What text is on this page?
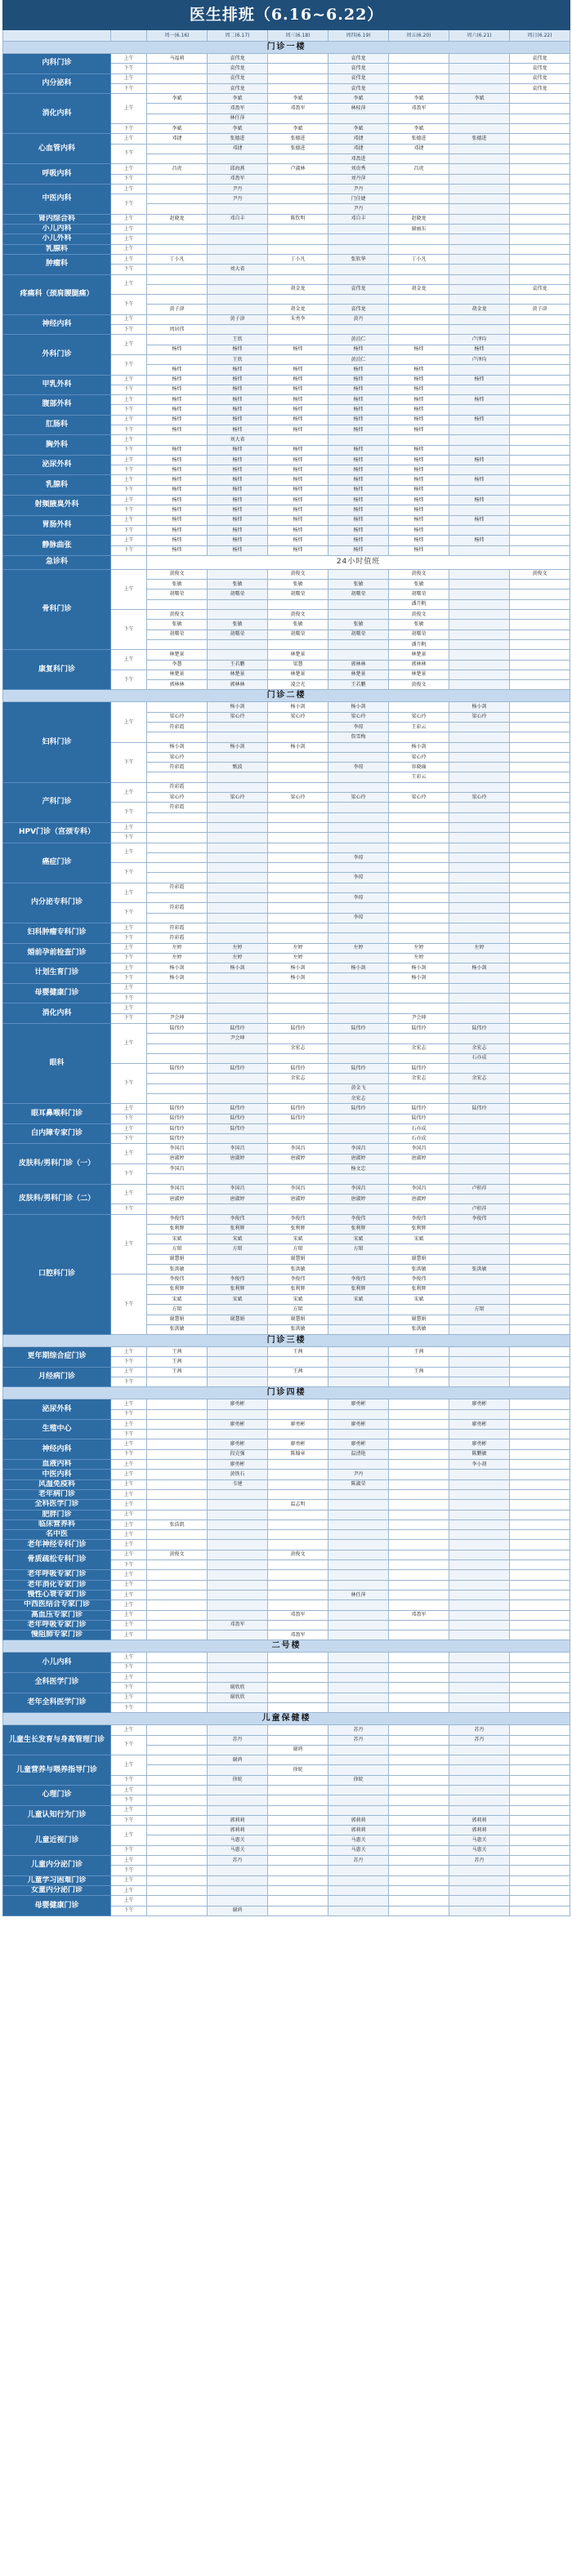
医生排班（6.16~6.22）								
		周一(6.16)	周二(6.17)	周三(6.18)	周四(6.19)	周五(6.20)	周六(6.21)	周日(6.22)
门诊一楼								
内科门诊	上午	马福莉	袁伟龙		袁伟龙			袁伟龙
	下午		袁伟龙		袁伟龙			袁伟龙
内分泌科	上午		袁伟龙		袁伟龙			袁伟龙
	下午		袁伟龙		袁伟龙			袁伟龙
消化内科	上午	李斌	李斌	李斌	李斌	李斌	李斌	
			邓盈军	邓盈军	林桂萍	邓盈军		
			林任萍					
	下午	李斌	李斌	李斌	李斌	李斌		
心血管内科	上午	邓捷	张德进	张德进	邓捷	张德进	张德进	
	下午		邓捷	张德进	邓捷	邓捷		
					邓盈进			
呼吸内科	上午	昌虎	邱海燕	卢淑林	刘贵秀	昌虎		
	下午		邓盈军		刘丹萍			
中医内科	上午		尹丹		尹丹			
	下午		尹丹		门佳婕			
					尹丹			
肾内综合科	上午	赵晓龙	邓自丰	陈钦明	邓自丰	赵晓龙		
小儿内科	上午					谢丽东		
小儿外科	上午							
乳腺科	上午							
肿瘤科	上午	丁小凡		丁小凡	张软华	丁小凡		
	下午		刘大省					
疼痛科（颈肩腰腿痛）	上午							
				胡金龙	袁伟龙	胡金龙		袁伟龙
	下午							
		黄子津		胡金龙	袁伟龙		胡金龙	黄子津
神经内科	上午		黄子津	朱勇李	黄丹			
	下午	周居伟						
外科门诊	上午		王欣		黄泊仁		卢泽均	
		杨炜	杨炜	杨炜	杨炜	杨炜	杨炜	
	下午		王欣		黄泊仁		卢泽均	
		杨炜	杨炜	杨炜	杨炜	杨炜		
甲乳外科	上午	杨炜	杨炜	杨炜	杨炜	杨炜	杨炜	
	下午	杨炜	杨炜	杨炜	杨炜	杨炜		
腹部外科	上午	杨炜	杨炜	杨炜	杨炜	杨炜	杨炜	
	下午	杨炜	杨炜	杨炜	杨炜	杨炜		
肛肠科	上午	杨炜	杨炜	杨炜	杨炜	杨炜	杨炜	
	下午	杨炜	杨炜	杨炜	杨炜	杨炜		
胸外科	上午		刘大省					
	下午	杨炜	杨炜	杨炜	杨炜	杨炜		
泌尿外科	上午	杨炜	杨炜	杨炜	杨炜	杨炜	杨炜	
	下午	杨炜	杨炜	杨炜	杨炜	杨炜		
乳腺科	上午	杨炜	杨炜	杨炜	杨炜	杨炜	杨炜	
	下午	杨炜	杨炜	杨炜	杨炜	杨炜		
射频腋臭外科	上午	杨炜	杨炜	杨炜	杨炜	杨炜	杨炜	
	下午	杨炜	杨炜	杨炜	杨炜	杨炜		
胃肠外科	上午	杨炜	杨炜	杨炜	杨炜	杨炜	杨炜	
	下午	杨炜	杨炜	杨炜	杨炜	杨炜		
静脉曲张	上午	杨炜	杨炜	杨炜	杨炜	杨炜	杨炜	
	下午	杨炜	杨炜	杨炜	杨炜	杨炜		
急诊科		24小时值班						
骨科门诊	上午	黄俊文		黄俊文		黄俊文		黄俊文
		张敏	张敏	张敏	张敏	张敏		
		胡曙荣	胡曙荣	胡曙荣	胡曙荣	胡曙荣		
						潘月帆		
	下午	黄俊文		黄俊文		黄俊文		
		张敏	张敏	张敏	张敏	张敏		
		胡曙荣	胡曙荣	胡曙荣	胡曙荣	胡曙荣		
						潘月帆		
康复科门诊	上午	林楚景		林楚景		林楚景		
		李慧	王若鹏	梁慧	郭林林	郭林林		
	下午	林楚景	林楚景	林楚景	林楚景	林楚景		
		郭林林	郭林林	凌会光	王若鹏	黄俊文		
门诊二楼								
妇科门诊	上午		杨小剑	杨小剑	杨小剑		杨小剑	
		梁心玲	梁心玲	梁心玲	梁心玲	梁心玲	梁心玲	
		符彩霞			李琼	王彩云		
					詹雪梅			
	下午	杨小剑	杨小剑	杨小剑		杨小剑		
		梁心玲				梁心玲		
		符彩霞	甄波		李琼	容晓瑜		
						王彩云		
产科门诊	上午	符彩霞						
		梁心玲	梁心玲	梁心玲	梁心玲	梁心玲	梁心玲	
	下午	符彩霞						

HPV门诊（宫颈专科）	上午							
	下午							
癌症门诊	上午							
					李琼			
	下午							
					李琼			
内分泌专科门诊	上午	符彩霞						
					李琼			
	下午	符彩霞						
					李琼			
妇科肿瘤专科门诊	上午	符彩霞						
	下午	符彩霞						
婚前孕前检查门诊	上午	左婷	左婷	左婷	左婷	左婷	左婷	
	下午	左婷	左婷	左婷		左婷		
计划生育门诊	上午	杨小剑	杨小剑	杨小剑	杨小剑	杨小剑	杨小剑	
	下午	杨小剑		杨小剑		杨小剑		
母婴健康门诊	上午							
	下午							
消化内科	上午							
	下午	尹会坤				尹会坤		
眼科	上午	陆伟玲	陆伟玲	陆伟玲	陆伟玲	陆伟玲	陆伟玲	
			尹会坤					
				余宏志		余宏志	余宏志	
							石亦成	
	下午	陆伟玲	陆伟玲	陆伟玲	陆伟玲	陆伟玲		
				余宏志		余宏志	余宏志	
					黄金飞			
					余宏志			
眼耳鼻喉科门诊	上午	陆伟玲	陆伟玲	陆伟玲	陆伟玲	陆伟玲	陆伟玲	
	下午	陆伟玲	陆伟玲	陆伟玲		陆伟玲		
白内障专家门诊	上午	陆伟玲	陆伟玲			石亦成		
	下午	陆伟玲				石亦成		
皮肤科/男科门诊（一）	上午	李国昌	李国昌	李国昌	李国昌	李国昌		
		唐淑婷	唐淑婷	唐淑婷	唐淑婷	唐淑婷		
	下午	李国昌			杨文忠			

皮肤科/男科门诊（二）	上午	李国昌	李国昌	李国昌	李国昌	李国昌	卢积祥	
		唐淑婷	唐淑婷	唐淑婷	唐淑婷	唐淑婷		
	下午						卢积祥	
口腔科门诊	上午	李俊伟	李俊伟	李俊伟	李俊伟	李俊伟	李俊伟	
		张利辉	张利辉	张利辉	张利辉	张利辉		
		宋斌	宋斌	宋斌	宋斌	宋斌		
		方珺	方珺	方珺	方珺			
		谢慧娟		谢慧娟		谢慧娟		
		张洪敏		张洪敏		张洪敏	张洪敏	
	下午	李俊伟	李俊伟	李俊伟	李俊伟	李俊伟		
		张利辉	张利辉	张利辉	张利辉	张利辉		
		宋斌	宋斌	宋斌	宋斌	宋斌		
		方珺		方珺			方珺	
		谢慧娟	谢慧娟	谢慧娟		谢慧娟		
		张洪敏		张洪敏		张洪敏		
门诊三楼								
更年期综合症门诊	上午	王茜		王茜		王茜		
	下午	王茜						
月经病门诊	上午	王茜		王茜		王茜		
	下午							
门诊四楼								
泌尿外科	上午		廖勇彬		廖勇彬		廖勇彬	
	下午							
生殖中心	上午		廖勇彬	廖勇彬	廖勇彬		廖勇彬	
	下午							
神经内科	上午		廖勇彬	廖勇彬	廖勇彬		廖勇彬	
	下午		段克强	陈翰章	温清艳		陈鹏敏	
血液内科	上午		廖勇彬				李小胡	
中医内科	上午		黄铁石		尹丹			
风湿免疫科	上午		韦建		陈淑荣			
老年病门诊	上午							
全科医学门诊	上午			温志明				
肥胖门诊	上午							
临床营养科	上午	张浩凯						
名中医	上午							
老年神经专科门诊	上午							
骨质疏松专科门诊	上午	黄俊文		黄俊文				
	下午							
老年呼吸专家门诊	上午							
老年消化专家门诊	上午							
慢性心衰专家门诊	上午				林任萍			
中西医结合专家门诊	上午							
高血压专家门诊	上午			邓盈军		邓盈军		
老年呼吸专家门诊	上午		邓盈军					
慢阻肺专家门诊	上午			邓盈军				
二号楼								
小儿内科	上午							
	下午							
全科医学门诊	上午							
	下午		谢欣欣					
老年全科医学门诊	上午		谢欣欣					
	下午							
儿童保健楼								
儿童生长发育与身高管理门诊	上午				苏丹		苏丹	
	下午		苏丹		苏丹		苏丹	
				谢鸿				
儿童营养与喂养指导门诊	上午		谢鸿					
				徐皖				
	下午		徐皖		徐皖			
心理门诊	上午							
	下午							
儿童认知行为门诊	上午							
	下午		郭莉莉		郭莉莉		郭莉莉	
儿童近视门诊	上午		郭莉莉		郭莉莉		郭莉莉	
			马惠关		马惠关		马惠关	
	下午		马惠关		马惠关		马惠关	
儿童内分泌门诊	上午		苏丹		苏丹		苏丹	
	下午							
儿童学习困难门诊	上午							
女童内分泌门诊	上午							
母婴健康门诊	上午							
	下午		谢鸿					
